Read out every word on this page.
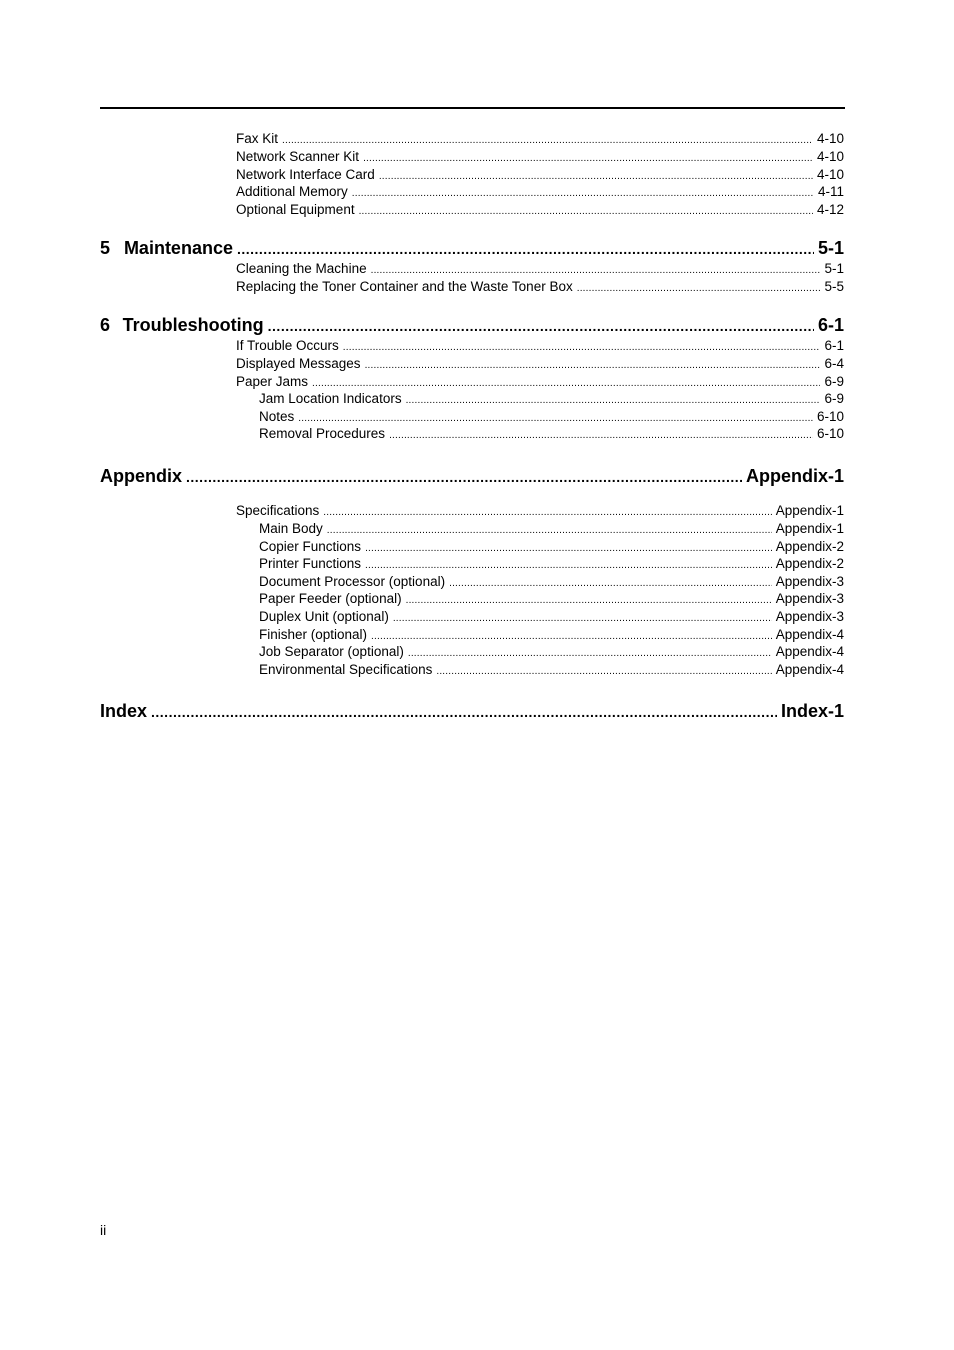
Fax Kit .....	4-10
Network Scanner Kit .....	4-10
Network Interface Card .....	4-10
Additional Memory .....	4-11
Optional Equipment .....	4-12
5 Maintenance .....	5-1
Cleaning the Machine .....	5-1
Replacing the Toner Container and the Waste Toner Box .....	5-5
6 Troubleshooting .....	6-1
If Trouble Occurs .....	6-1
Displayed Messages .....	6-4
Paper Jams .....	6-9
Jam Location Indicators .....	6-9
Notes .....	6-10
Removal Procedures .....	6-10
Appendix .....	Appendix-1
Specifications .....	Appendix-1
Main Body .....	Appendix-1
Copier Functions .....	Appendix-2
Printer Functions .....	Appendix-2
Document Processor (optional) .....	Appendix-3
Paper Feeder (optional) .....	Appendix-3
Duplex Unit (optional) .....	Appendix-3
Finisher (optional) .....	Appendix-4
Job Separator (optional) .....	Appendix-4
Environmental Specifications .....	Appendix-4
Index .....	Index-1
ii
